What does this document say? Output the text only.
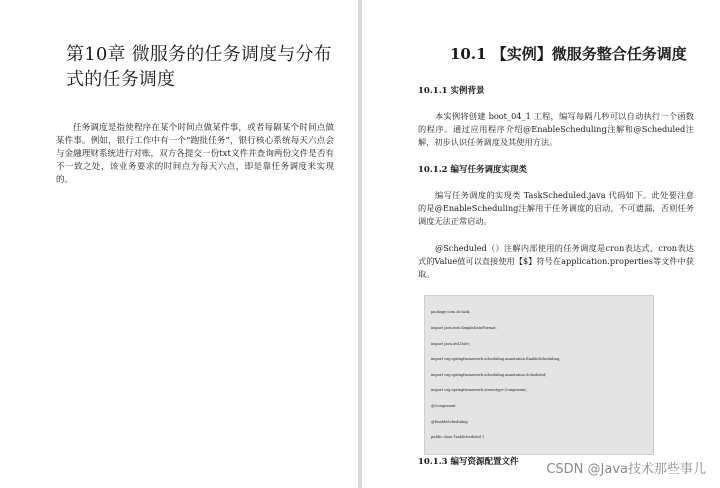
第10章 微服务的任务调度与分布式的任务调度

任务调度是指使程序在某个时间点做某件事，或者每隔某个时间点做某件事。例如，银行工作中有一个“跑批任务”，银行核心系统每天六点会与金融理财系统进行对账，双方各提交一份txt文件并查询两份文件是否有不一致之处，该业务要求的时间点为每天六点，即是靠任务调度来实现的。

10.1 【实例】微服务整合任务调度
10.1.1 实例背景

本实例将创建 boot_04_1 工程，编写每隔几秒可以自动执行一个函数的程序。通过应用程序介绍@EnableScheduling注解和@Scheduled注解，初步认识任务调度及其使用方法。

10.1.2 编写任务调度实现类

编写任务调度的实现类 TaskScheduled.java 代码如下。此处要注意的是@EnableScheduling注解用于任务调度的启动，不可遗漏，否则任务调度无法正常启动。

@Scheduled（）注解内部使用的任务调度是cron表达式，cron表达式的Value值可以直接使用【$】符号在application.properties等文件中获取。

package com.cb.task;

import java.text.SimpleDateFormat;

import java.util.Date;

import org.springframework.scheduling.annotation.EnableScheduling;

import org.springframework.scheduling.annotation.Scheduled;

import org.springframework.stereotype.Component;

@Component

@EnableScheduling

public class TaskScheduled {

10.1.3 编写资源配置文件 CSDN @Java技术那些事儿
